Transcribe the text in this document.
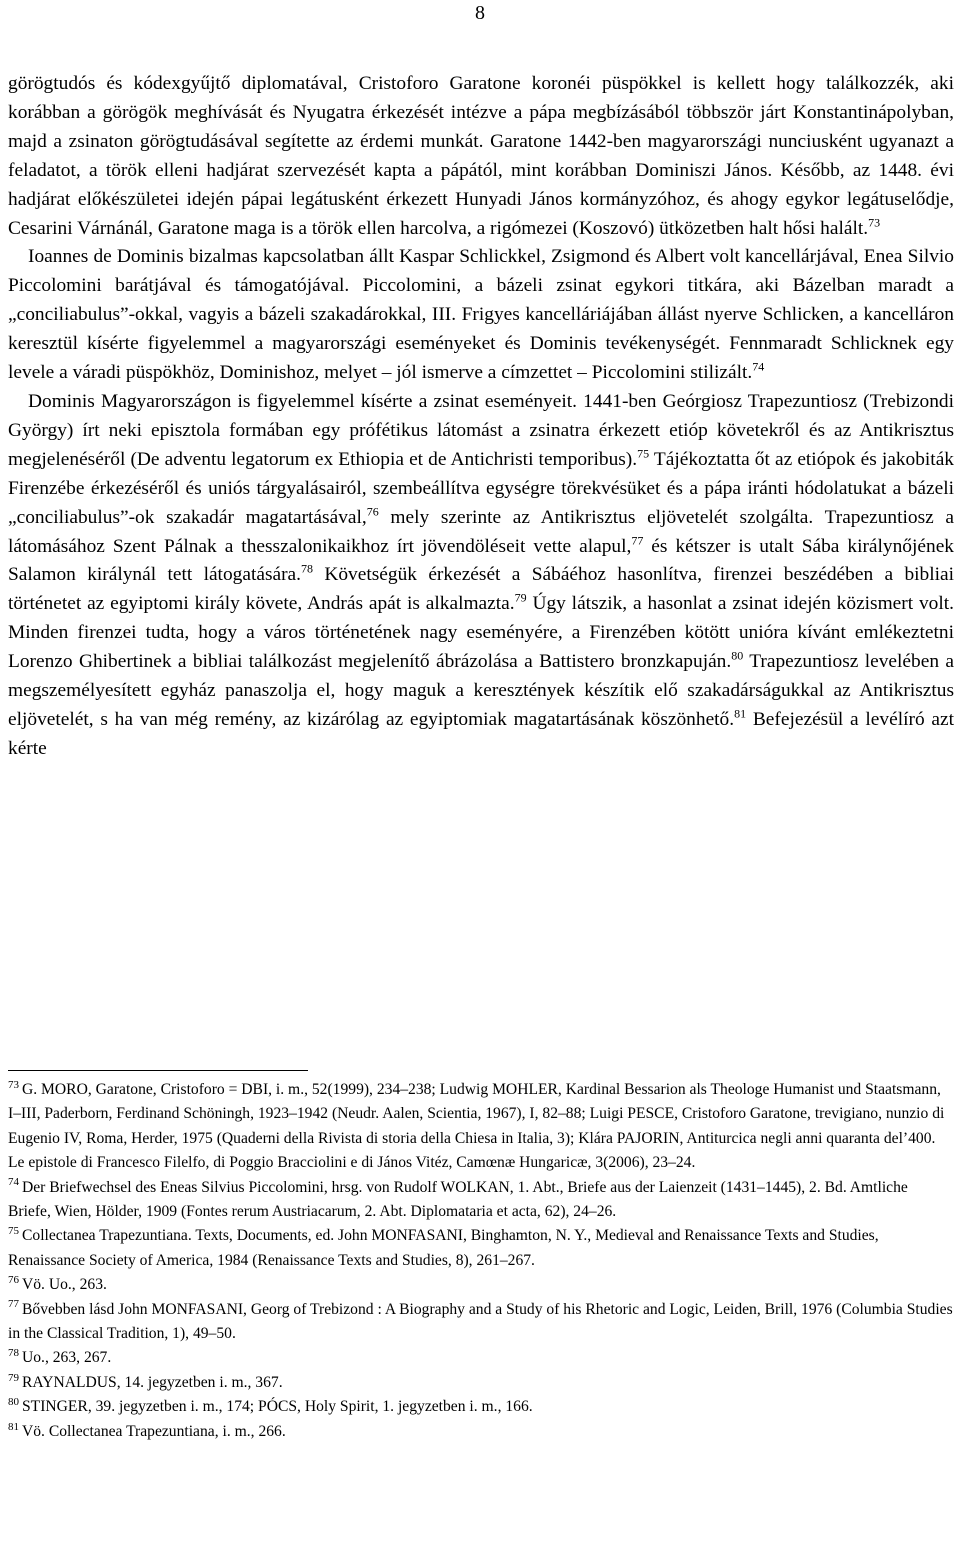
8

görögtudós és kódexgyűjtő diplomatával, Cristoforo Garatone koronéi püspökkel is kellett hogy találkozzék, aki korábban a görögök meghívását és Nyugatra érkezését intézve a pápa megbízásából többször járt Konstantinápolyban, majd a zsinaton görögtudásával segítette az érdemi munkát. Garatone 1442-ben magyarországi nunciusként ugyanazt a feladatot, a török elleni hadjárat szervezését kapta a pápától, mint korábban Dominiszi János. Később, az 1448. évi hadjárat előkészületei idején pápai legátusként érkezett Hunyadi János kormányzóhoz, és ahogy egykor legátuselődje, Cesarini Várnánál, Garatone maga is a török ellen harcolva, a rigómezei (Koszovó) ütközetben halt hősi halált.$^{73}$

Ioannes de Dominis bizalmas kapcsolatban állt Kaspar Schlickkel, Zsigmond és Albert volt kancellárjával, Enea Silvio Piccolomini barátjával és támogatójával. Piccolomini, a bázeli zsinat egykori titkára, aki Bázelban maradt a „conciliabulus”-okkal, vagyis a bázeli szakadárokkal, III. Frigyes kancelláriájában állást nyerve Schlicken, a kancelláron keresztül kísérte figyelemmel a magyarországi eseményeket és Dominis tevékenységét. Fennmaradt Schlicknek egy levele a váradi püspökhöz, Dominishoz, melyet – jól ismerve a címzettet – Piccolomini stilizált.$^{74}$

Dominis Magyarországon is figyelemmel kísérte a zsinat eseményeit. 1441-ben Geórgiosz Trapezuntiosz (Trebizondi György) írt neki episztola formában egy prófétikus látomást a zsinatra érkezett etióp követekről és az Antikrisztus megjelenéséről (De adventu legatorum ex Ethiopia et de Antichristi temporibus).$^{75}$ Tájékoztatta őt az etiópok és jakobiták Firenzébe érkezéséről és uniós tárgyalásairól, szembeállítva egységre törekvésüket és a pápa iránti hódolatukat a bázeli „conciliabulus”-ok szakadár magatartásával,$^{76}$ mely szerinte az Antikrisztus eljövetelét szolgálta. Trapezuntiosz a látomásához Szent Pálnak a thesszalonikaikhoz írt jövendöléseit vette alapul,$^{77}$ és kétszer is utalt Sába királynőjének Salamon királynál tett látogatására.$^{78}$ Követségük érkezését a Sábáéhoz hasonlítva, firenzei beszédében a bibliai történetet az egyiptomi király követe, András apát is alkalmazta.$^{79}$ Úgy látszik, a hasonlat a zsinat idején közismert volt. Minden firenzei tudta, hogy a város történetének nagy eseményére, a Firenzében kötött unióra kívánt emlékeztetni Lorenzo Ghibertinek a bibliai találkozást megjelenítő ábrázolása a Battistero bronzkapuján.$^{80}$ Trapezuntiosz levelében a megszemélyesített egyház panaszolja el, hogy maguk a keresztények készítik elő szakadárságukkal az Antikrisztus eljövetelét, s ha van még remény, az kizárólag az egyiptomiak magatartásának köszönhető.$^{81}$ Befejezésül a levélíró azt kérte

$^{73}$ G. MORO, Garatone, Cristoforo = DBI, i. m., 52(1999), 234–238; Ludwig MOHLER, Kardinal Bessarion als Theologe Humanist und Staatsmann, I–III, Paderborn, Ferdinand Schöningh, 1923–1942 (Neudr. Aalen, Scientia, 1967), I, 82–88; Luigi PESCE, Cristoforo Garatone, trevigiano, nunzio di Eugenio IV, Roma, Herder, 1975 (Quaderni della Rivista di storia della Chiesa in Italia, 3); Klára PAJORIN, Antiturcica negli anni quaranta del’400. Le epistole di Francesco Filelfo, di Poggio Bracciolini e di János Vitéz, Camœnæ Hungaricæ, 3(2006), 23–24.

$^{74}$ Der Briefwechsel des Eneas Silvius Piccolomini, hrsg. von Rudolf WOLKAN, 1. Abt., Briefe aus der Laienzeit (1431–1445), 2. Bd. Amtliche Briefe, Wien, Hölder, 1909 (Fontes rerum Austriacarum, 2. Abt. Diplomataria et acta, 62), 24–26.

$^{75}$ Collectanea Trapezuntiana. Texts, Documents, ed. John MONFASANI, Binghamton, N. Y., Medieval and Renaissance Texts and Studies, Renaissance Society of America, 1984 (Renaissance Texts and Studies, 8), 261–267.

$^{76}$ Vö. Uo., 263.

$^{77}$ Bővebben lásd John MONFASANI, Georg of Trebizond : A Biography and a Study of his Rhetoric and Logic, Leiden, Brill, 1976 (Columbia Studies in the Classical Tradition, 1), 49–50.

$^{78}$ Uo., 263, 267.

$^{79}$ RAYNALDUS, 14. jegyzetben i. m., 367.

$^{80}$ STINGER, 39. jegyzetben i. m., 174; PÓCS, Holy Spirit, 1. jegyzetben i. m., 166.

$^{81}$ Vö. Collectanea Trapezuntiana, i. m., 266.
